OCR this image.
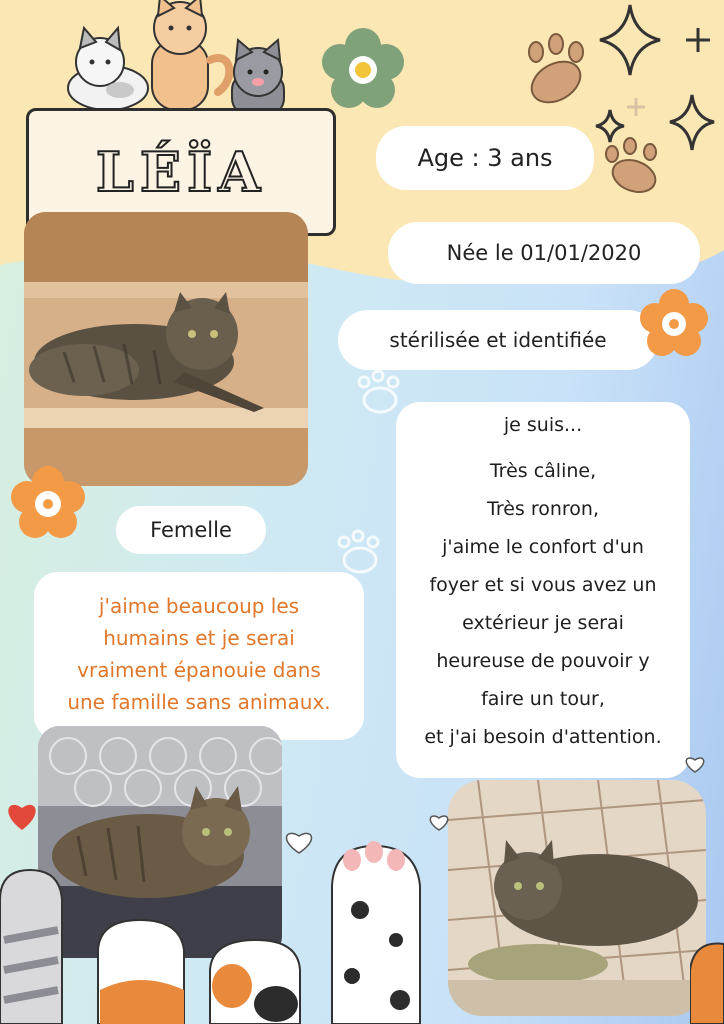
LÉÏA	Age : 3 ans
Née le 01/01/2020
stérilisée et identifiée
Femelle
je suis...
Très câline,
Très ronron,
j'aime le confort d'un
foyer et si vous avez un
extérieur je serai
heureuse de pouvoir y
faire un tour,
et j'ai besoin d'attention.
j'aime beaucoup les
humains et je serai
vraiment épanouie dans
une famille sans animaux.
